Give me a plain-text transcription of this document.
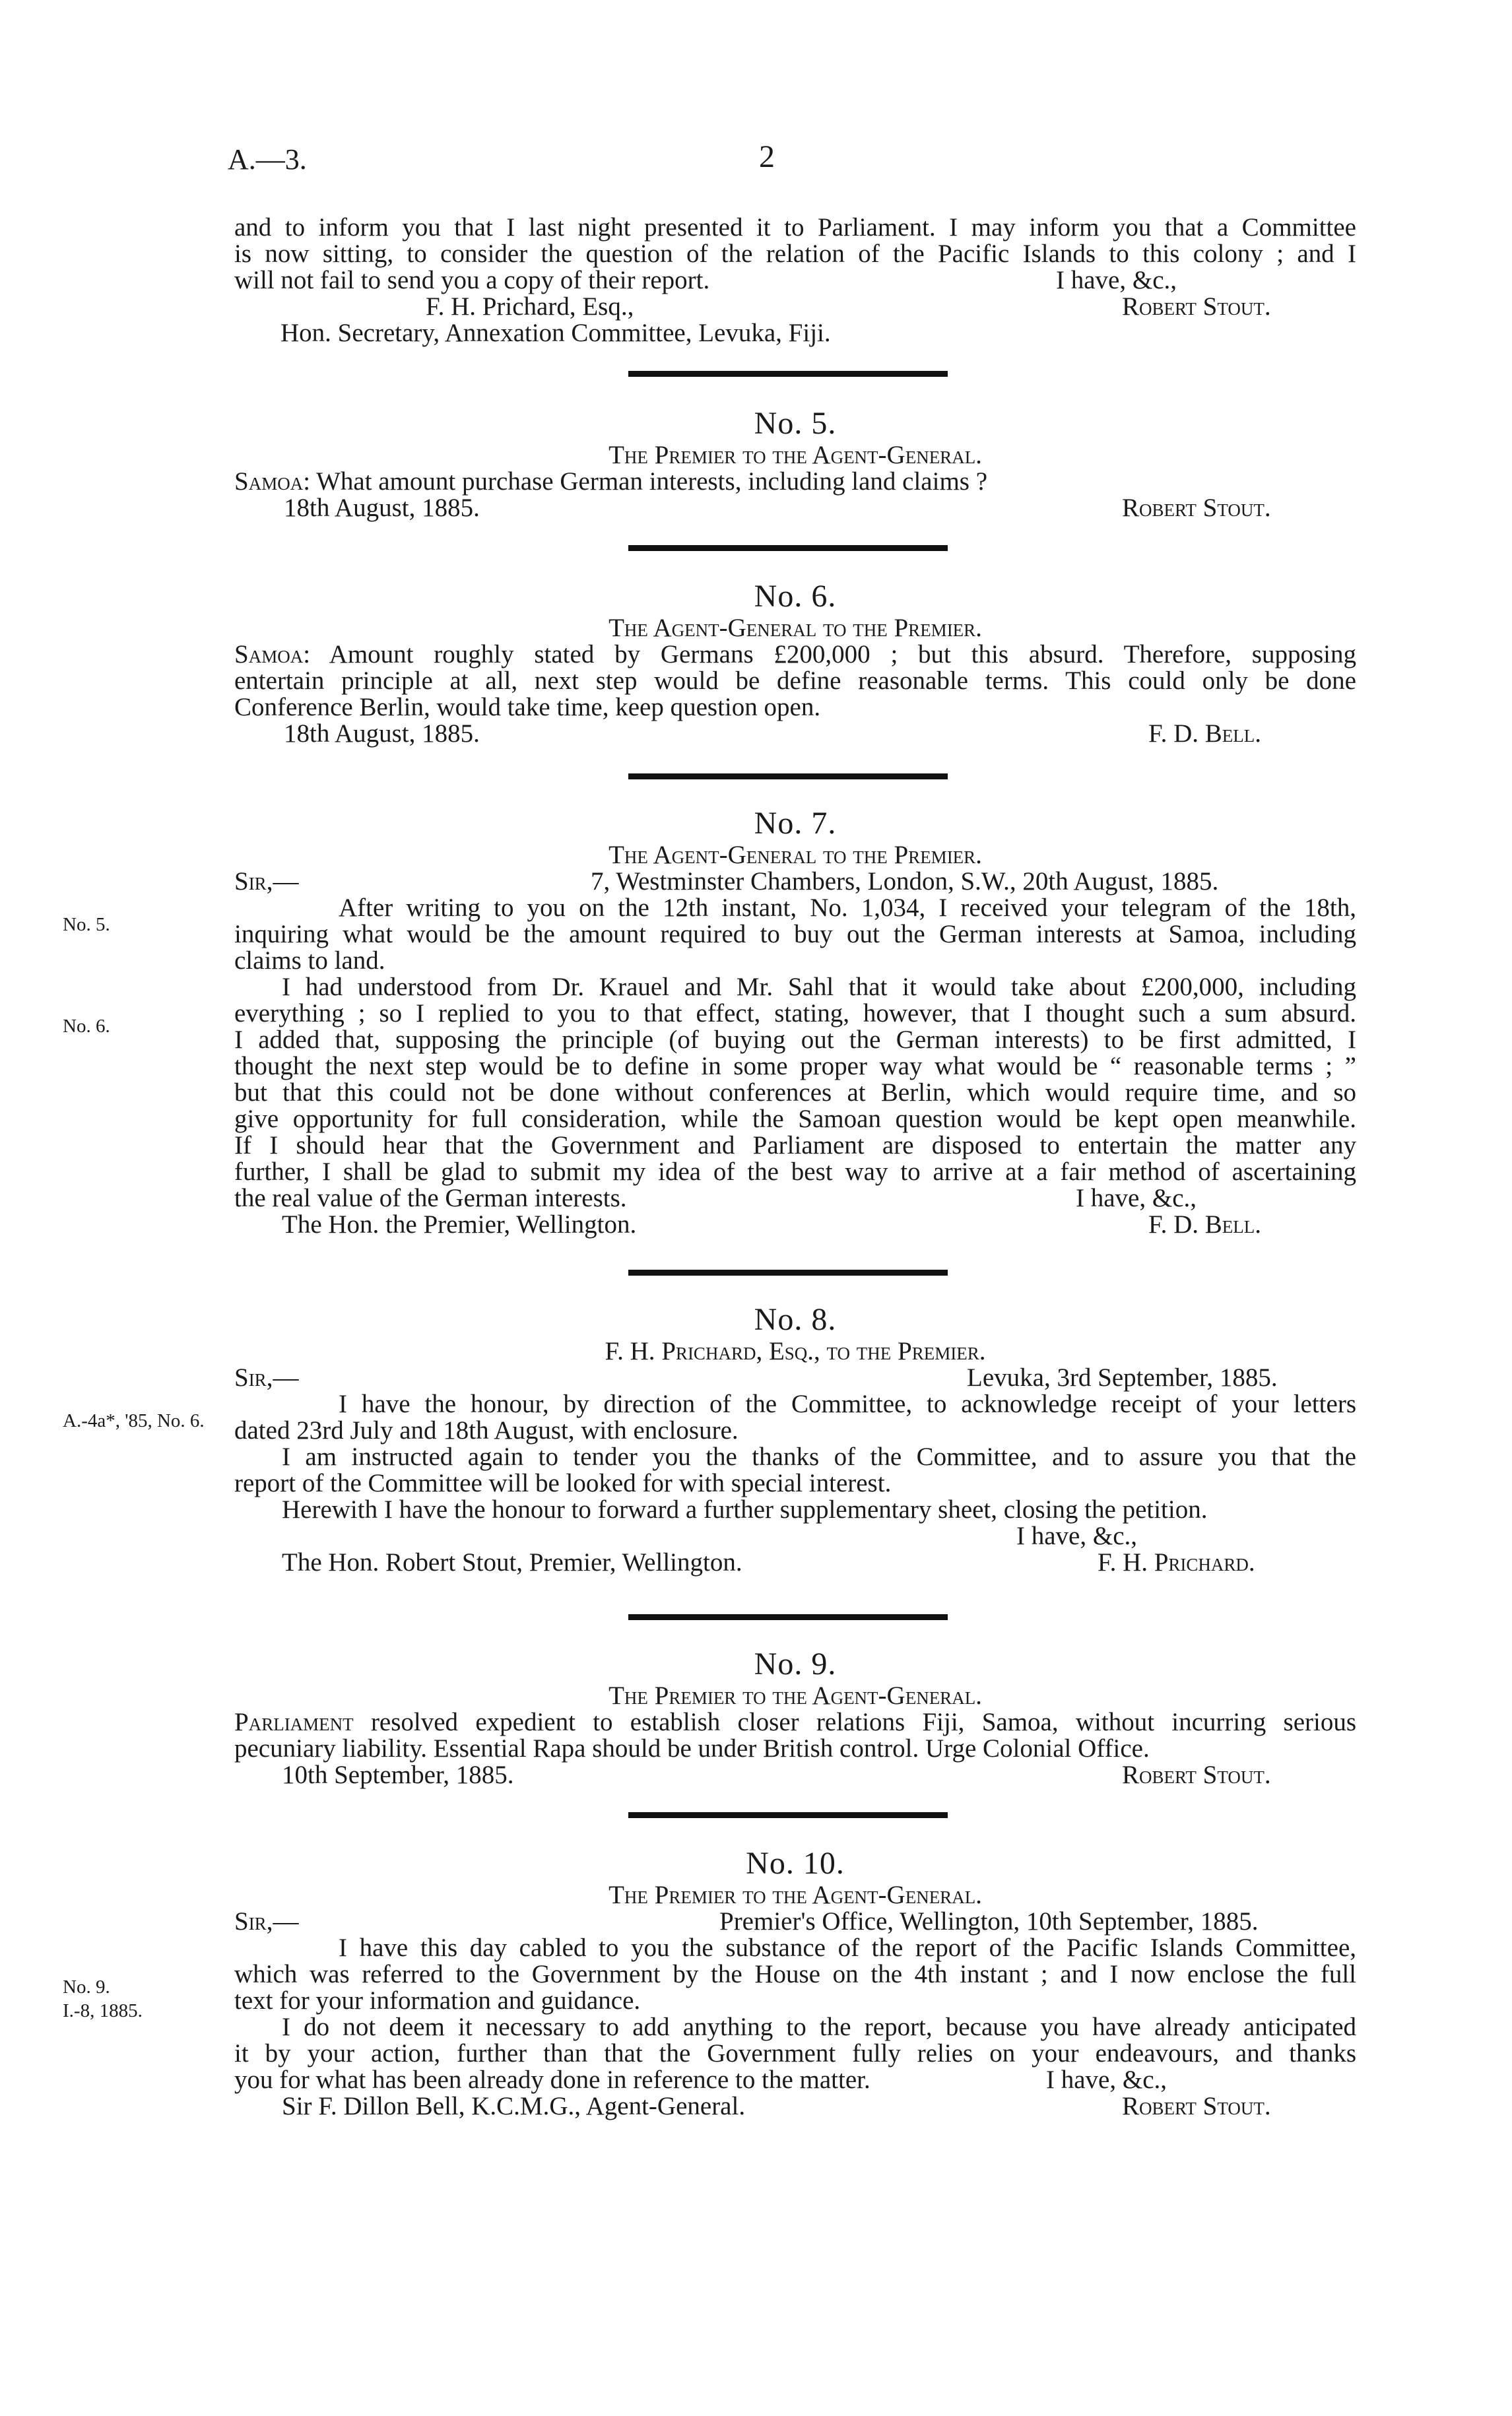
A.—3.	2
and to inform you that I last night presented it to Parliament. I may inform you that a Committee
is now sitting, to consider the question of the relation of the Pacific Islands to this colony ; and I
will not fail to send you a copy of their report.	I have, &c.,
F. H. Prichard, Esq.,	Robert Stout.
Hon. Secretary, Annexation Committee, Levuka, Fiji.
No. 5.
The Premier to the Agent-General.
Samoa: What amount purchase German interests, including land claims ?
18th August, 1885.	Robert Stout.
No. 6.
The Agent-General to the Premier.
Samoa: Amount roughly stated by Germans £200,000 ; but this absurd. Therefore, supposing
entertain principle at all, next step would be define reasonable terms. This could only be done
Conference Berlin, would take time, keep question open.
18th August, 1885.	F. D. Bell.
No. 5.
No. 6.
No. 7.
The Agent-General to the Premier.
Sir,—	7, Westminster Chambers, London, S.W., 20th August, 1885.
After writing to you on the 12th instant, No. 1,034, I received your telegram of the 18th,
inquiring what would be the amount required to buy out the German interests at Samoa, including
claims to land.
I had understood from Dr. Krauel and Mr. Sahl that it would take about £200,000, including
everything ; so I replied to you to that effect, stating, however, that I thought such a sum absurd.
I added that, supposing the principle (of buying out the German interests) to be first admitted, I
thought the next step would be to define in some proper way what would be “ reasonable terms ; ”
but that this could not be done without conferences at Berlin, which would require time, and so
give opportunity for full consideration, while the Samoan question would be kept open meanwhile.
If I should hear that the Government and Parliament are disposed to entertain the matter any
further, I shall be glad to submit my idea of the best way to arrive at a fair method of ascertaining
the real value of the German interests.	I have, &c.,
The Hon. the Premier, Wellington.	F. D. Bell.
A.-4a*, '85, No. 6.
No. 8.
F. H. Prichard, Esq., to the Premier.
Sir,—	Levuka, 3rd September, 1885.
I have the honour, by direction of the Committee, to acknowledge receipt of your letters
dated 23rd July and 18th August, with enclosure.
I am instructed again to tender you the thanks of the Committee, and to assure you that the
report of the Committee will be looked for with special interest.
Herewith I have the honour to forward a further supplementary sheet, closing the petition.
I have, &c.,
The Hon. Robert Stout, Premier, Wellington.	F. H. Prichard.
No. 9.
The Premier to the Agent-General.
Parliament resolved expedient to establish closer relations Fiji, Samoa, without incurring serious
pecuniary liability. Essential Rapa should be under British control. Urge Colonial Office.
10th September, 1885.	Robert Stout.
No. 9.
I.-8, 1885.
No. 10.
The Premier to the Agent-General.
Sir,—	Premier's Office, Wellington, 10th September, 1885.
I have this day cabled to you the substance of the report of the Pacific Islands Committee,
which was referred to the Government by the House on the 4th instant ; and I now enclose the full
text for your information and guidance.
I do not deem it necessary to add anything to the report, because you have already anticipated
it by your action, further than that the Government fully relies on your endeavours, and thanks
you for what has been already done in reference to the matter.	I have, &c.,
Sir F. Dillon Bell, K.C.M.G., Agent-General.	Robert Stout.
